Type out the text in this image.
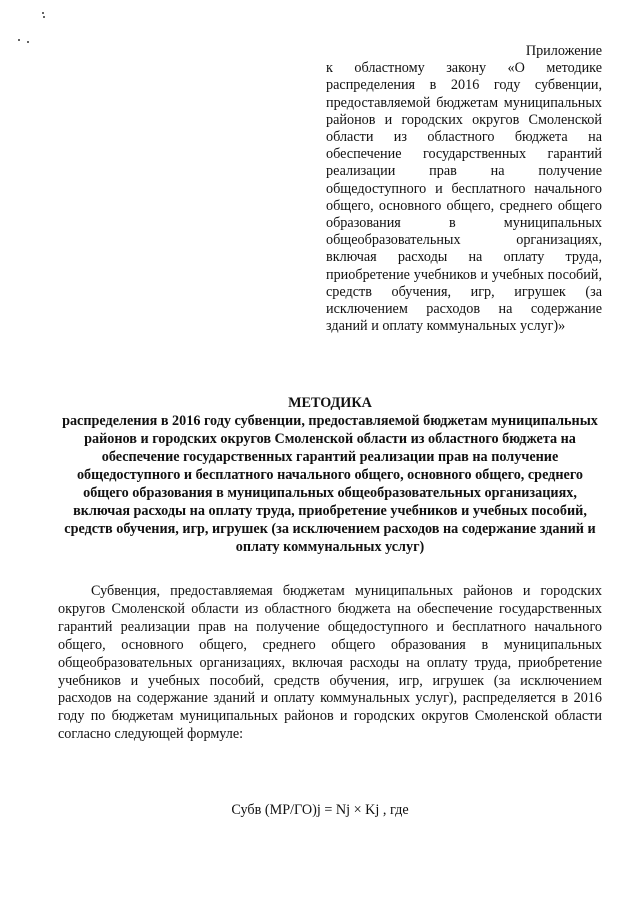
Приложение

к областному закону «О методике распределения в 2016 году субвенции, предоставляемой бюджетам муниципальных районов и городских округов Смоленской области из областного бюджета на обеспечение государственных гарантий реализации прав на получение общедоступного и бесплатного начального общего, основного общего, среднего общего образования в муниципальных общеобразовательных организациях, включая расходы на оплату труда, приобретение учебников и учебных пособий, средств обучения, игр, игрушек (за исключением расходов на содержание зданий и оплату коммунальных услуг)»

МЕТОДИКА

распределения в 2016 году субвенции, предоставляемой бюджетам муниципальных районов и городских округов Смоленской области из областного бюджета на обеспечение государственных гарантий реализации прав на получение общедоступного и бесплатного начального общего, основного общего, среднего общего образования в муниципальных общеобразовательных организациях, включая расходы на оплату труда, приобретение учебников и учебных пособий, средств обучения, игр, игрушек (за исключением расходов на содержание зданий и оплату коммунальных услуг)

Субвенция, предоставляемая бюджетам муниципальных районов и городских округов Смоленской области из областного бюджета на обеспечение государственных гарантий реализации прав на получение общедоступного и бесплатного начального общего, основного общего, среднего общего образования в муниципальных общеобразовательных организациях, включая расходы на оплату труда, приобретение учебников и учебных пособий, средств обучения, игр, игрушек (за исключением расходов на содержание зданий и оплату коммунальных услуг), распределяется в 2016 году по бюджетам муниципальных районов и городских округов Смоленской области согласно следующей формуле:

Субв (МР/ГО)j = Nj × Kj , где
